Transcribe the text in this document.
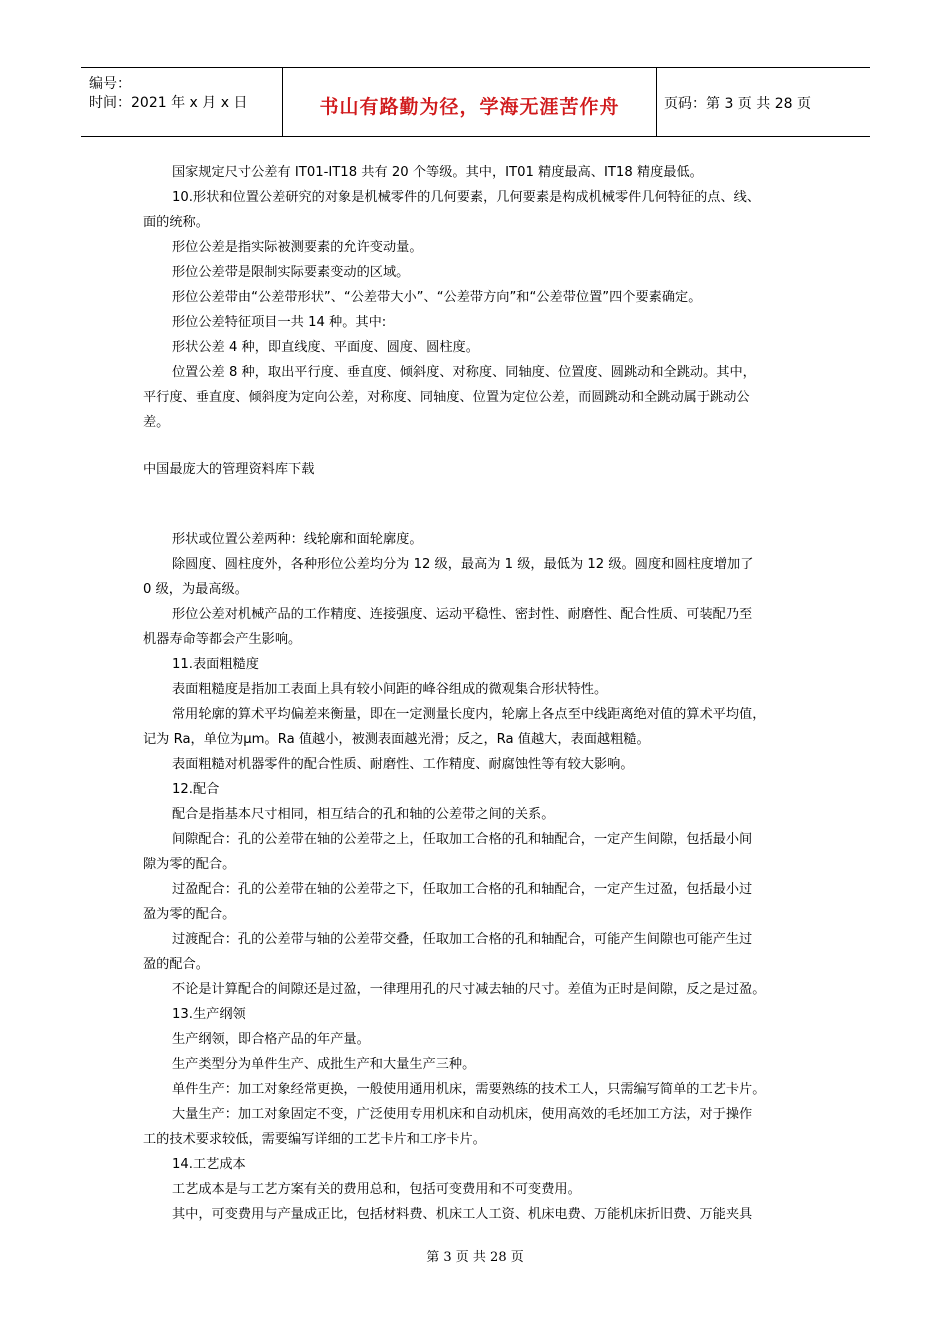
编号：
时间：2021 年 x 月 x 日	书山有路勤为径，学海无涯苦作舟	页码：第 3 页 共 28 页
国家规定尺寸公差有 IT01-IT18 共有 20 个等级。其中，IT01 精度最高、IT18 精度最低。
10.形状和位置公差研究的对象是机械零件的几何要素，几何要素是构成机械零件几何特征的点、线、
面的统称。
形位公差是指实际被测要素的允许变动量。
形位公差带是限制实际要素变动的区域。
形位公差带由“公差带形状”、“公差带大小”、“公差带方向”和“公差带位置”四个要素确定。
形位公差特征项目一共 14 种。其中:
形状公差 4 种，即直线度、平面度、圆度、圆柱度。
位置公差 8 种，取出平行度、垂直度、倾斜度、对称度、同轴度、位置度、圆跳动和全跳动。其中，
平行度、垂直度、倾斜度为定向公差，对称度、同轴度、位置为定位公差，而圆跳动和全跳动属于跳动公
差。
中国最庞大的管理资料库下载
形状或位置公差两种：线轮廓和面轮廓度。
除圆度、圆柱度外，各种形位公差均分为 12 级，最高为 1 级，最低为 12 级。圆度和圆柱度增加了
0 级，为最高级。
形位公差对机械产品的工作精度、连接强度、运动平稳性、密封性、耐磨性、配合性质、可装配乃至
机器寿命等都会产生影响。
11.表面粗糙度
表面粗糙度是指加工表面上具有较小间距的峰谷组成的微观集合形状特性。
常用轮廓的算术平均偏差来衡量，即在一定测量长度内，轮廓上各点至中线距离绝对值的算术平均值，
记为 Ra，单位为μm。Ra 值越小，被测表面越光滑；反之，Ra 值越大，表面越粗糙。
表面粗糙对机器零件的配合性质、耐磨性、工作精度、耐腐蚀性等有较大影响。
12.配合
配合是指基本尺寸相同，相互结合的孔和轴的公差带之间的关系。
间隙配合：孔的公差带在轴的公差带之上，任取加工合格的孔和轴配合，一定产生间隙，包括最小间
隙为零的配合。
过盈配合：孔的公差带在轴的公差带之下，任取加工合格的孔和轴配合，一定产生过盈，包括最小过
盈为零的配合。
过渡配合：孔的公差带与轴的公差带交叠，任取加工合格的孔和轴配合，可能产生间隙也可能产生过
盈的配合。
不论是计算配合的间隙还是过盈，一律理用孔的尺寸减去轴的尺寸。差值为正时是间隙，反之是过盈。
13.生产纲领
生产纲领，即合格产品的年产量。
生产类型分为单件生产、成批生产和大量生产三种。
单件生产：加工对象经常更换，一般使用通用机床，需要熟练的技术工人，只需编写简单的工艺卡片。
大量生产：加工对象固定不变，广泛使用专用机床和自动机床，使用高效的毛坯加工方法，对于操作
工的技术要求较低，需要编写详细的工艺卡片和工序卡片。
14.工艺成本
工艺成本是与工艺方案有关的费用总和，包括可变费用和不可变费用。
其中，可变费用与产量成正比，包括材料费、机床工人工资、机床电费、万能机床折旧费、万能夹具
第 3 页 共 28 页
